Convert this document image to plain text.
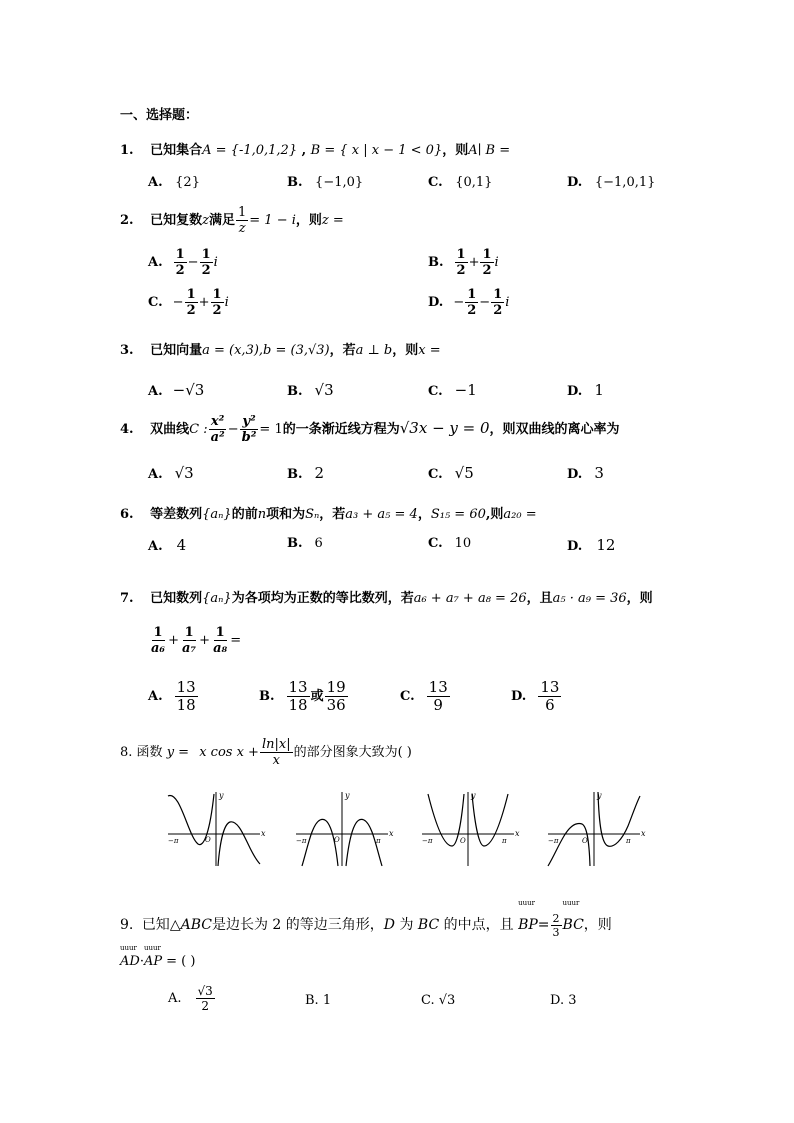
一、选择题：
1. 已知集合A = {-1,0,1,2} , B = { x | x − 1 < 0}，则A∣ B =
A. {2}	B. {−1,0}	C. {0,1}	D. {−1,0,1}
2. 已知复数z满足 $\frac{1}{z} = 1 - i$，则z =
A. $\frac{1}{2} - \frac{1}{2}$ i	B. $\frac{1}{2} + \frac{1}{2}$ i
C. − $\frac{1}{2} + \frac{1}{2}$ i	D. − $\frac{1}{2} - \frac{1}{2}$ i
3. 已知向量a = (x,3),b = (3,√3)，若a ⊥ b，则x =
A. −√3	B. √3	C. −1	D. 1
4. 双曲线C : $\frac{\text{x²}}{\text{a²}} - \frac{\text{y²}}{\text{b²}} = 1$的一条渐近线方程为√3x − y = 0，则双曲线的离心率为
A. √3	B. 2	C. √5	D. 3
6. 等差数列{aₙ}的前n项和为Sₙ，若a₃ + a₅ = 4，S₁₅ = 60,则a₂₀ =
A. 4	B. 6	C. 10	D. 12
7. 已知数列{aₙ}为各项均为正数的等比数列，若a₆ + a₇ + a₈ = 26，且a₅ · a₉ = 36，则
$\frac{1}{\text{a₆}} + \frac{1}{\text{a₇}} + \frac{1}{\text{a₈}}$ =
A. $\frac{13}{18}$	B. $\frac{13}{18}$ 或 $\frac{19}{36}$	C. $\frac{13}{9}$	D. $\frac{13}{6}$
8. 函数 y = x $\cos x + \frac{\ln|x|}{x}$ 的部分图象大致为( )
y
x
O
−π
y
x
O
−π	π
y
x
O
−π	π
y
x
O
−π	π
9. 已知△ABC是边长为 2 的等边三角形，D 为 BC 的中点，且
uuur
$BP= \frac{2}{3}$
uuur
BC，则
uuur
AD·
uuur
AP = ( )
A. $\frac{√3}{2}$	B. 1	C. √3	D. 3
